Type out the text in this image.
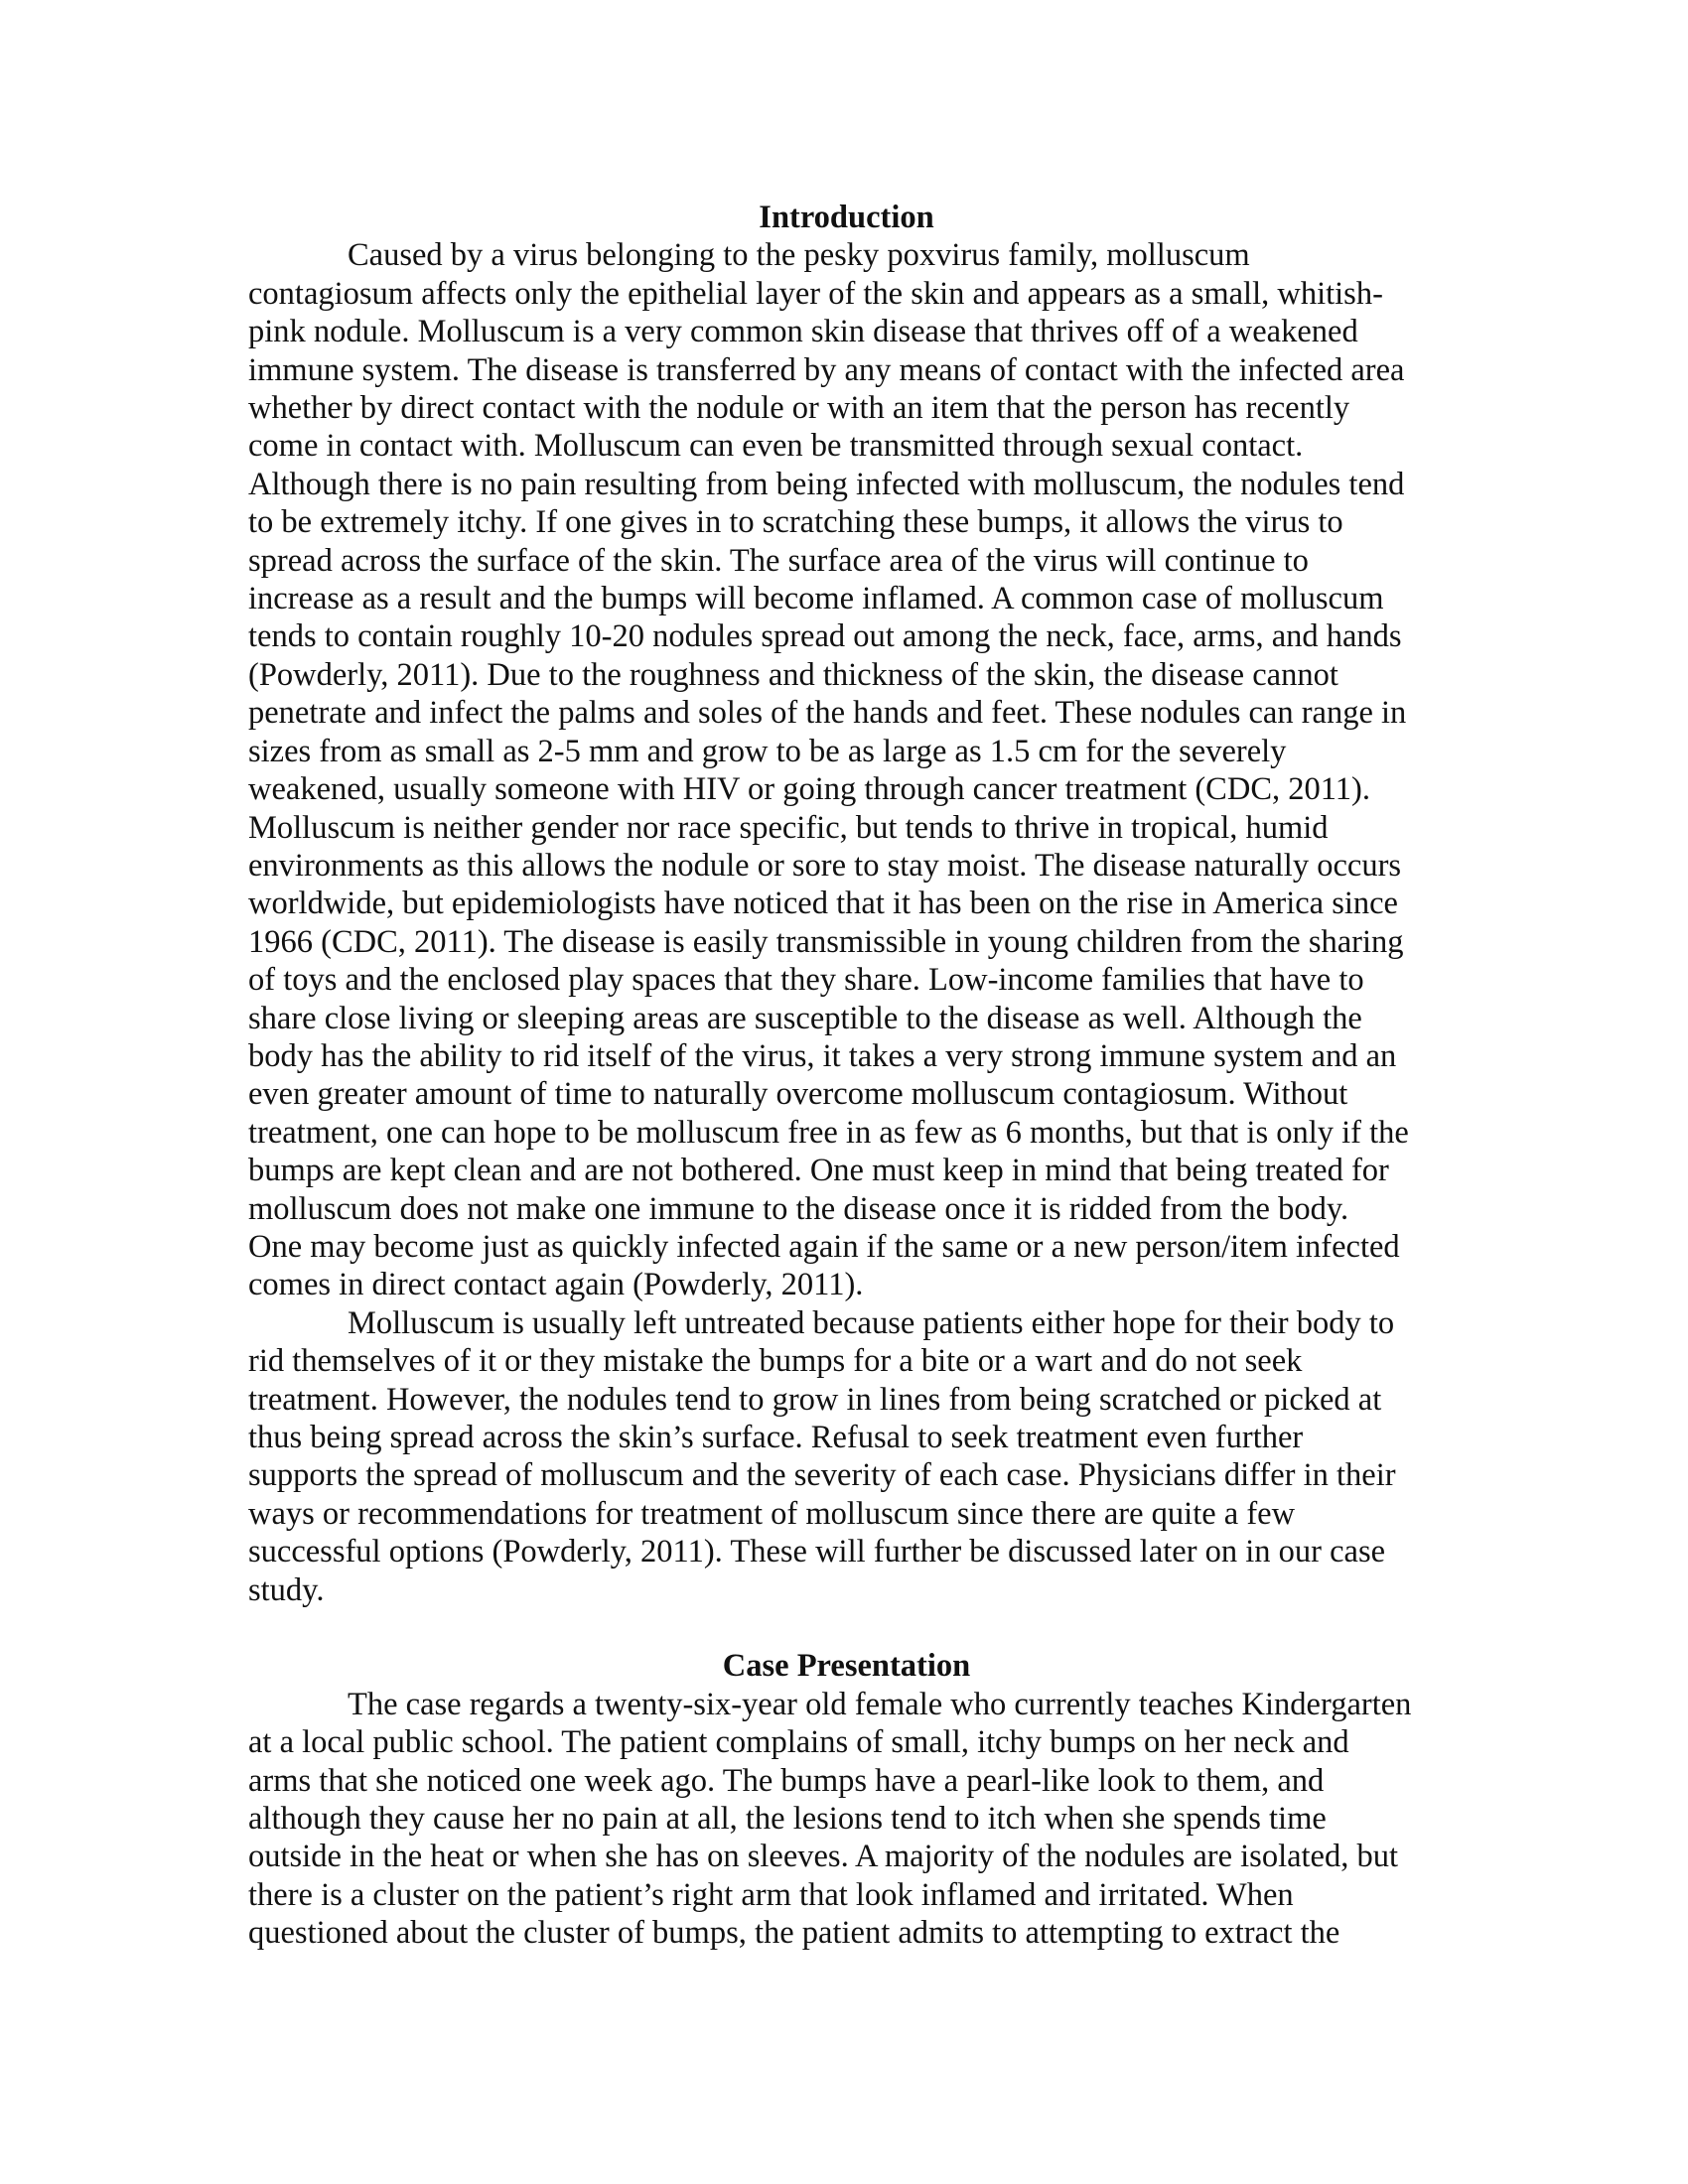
Introduction
Caused by a virus belonging to the pesky poxvirus family, molluscum
contagiosum affects only the epithelial layer of the skin and appears as a small, whitish-
pink nodule. Molluscum is a very common skin disease that thrives off of a weakened
immune system. The disease is transferred by any means of contact with the infected area
whether by direct contact with the nodule or with an item that the person has recently
come in contact with. Molluscum can even be transmitted through sexual contact.
Although there is no pain resulting from being infected with molluscum, the nodules tend
to be extremely itchy. If one gives in to scratching these bumps, it allows the virus to
spread across the surface of the skin. The surface area of the virus will continue to
increase as a result and the bumps will become inflamed. A common case of molluscum
tends to contain roughly 10-20 nodules spread out among the neck, face, arms, and hands
(Powderly, 2011). Due to the roughness and thickness of the skin, the disease cannot
penetrate and infect the palms and soles of the hands and feet. These nodules can range in
sizes from as small as 2-5 mm and grow to be as large as 1.5 cm for the severely
weakened, usually someone with HIV or going through cancer treatment (CDC, 2011).
Molluscum is neither gender nor race specific, but tends to thrive in tropical, humid
environments as this allows the nodule or sore to stay moist. The disease naturally occurs
worldwide, but epidemiologists have noticed that it has been on the rise in America since
1966 (CDC, 2011). The disease is easily transmissible in young children from the sharing
of toys and the enclosed play spaces that they share. Low-income families that have to
share close living or sleeping areas are susceptible to the disease as well. Although the
body has the ability to rid itself of the virus, it takes a very strong immune system and an
even greater amount of time to naturally overcome molluscum contagiosum. Without
treatment, one can hope to be molluscum free in as few as 6 months, but that is only if the
bumps are kept clean and are not bothered. One must keep in mind that being treated for
molluscum does not make one immune to the disease once it is ridded from the body.
One may become just as quickly infected again if the same or a new person/item infected
comes in direct contact again (Powderly, 2011).
Molluscum is usually left untreated because patients either hope for their body to
rid themselves of it or they mistake the bumps for a bite or a wart and do not seek
treatment. However, the nodules tend to grow in lines from being scratched or picked at
thus being spread across the skin’s surface. Refusal to seek treatment even further
supports the spread of molluscum and the severity of each case. Physicians differ in their
ways or recommendations for treatment of molluscum since there are quite a few
successful options (Powderly, 2011). These will further be discussed later on in our case
study.
Case Presentation
The case regards a twenty-six-year old female who currently teaches Kindergarten
at a local public school. The patient complains of small, itchy bumps on her neck and
arms that she noticed one week ago. The bumps have a pearl-like look to them, and
although they cause her no pain at all, the lesions tend to itch when she spends time
outside in the heat or when she has on sleeves. A majority of the nodules are isolated, but
there is a cluster on the patient’s right arm that look inflamed and irritated. When
questioned about the cluster of bumps, the patient admits to attempting to extract the
